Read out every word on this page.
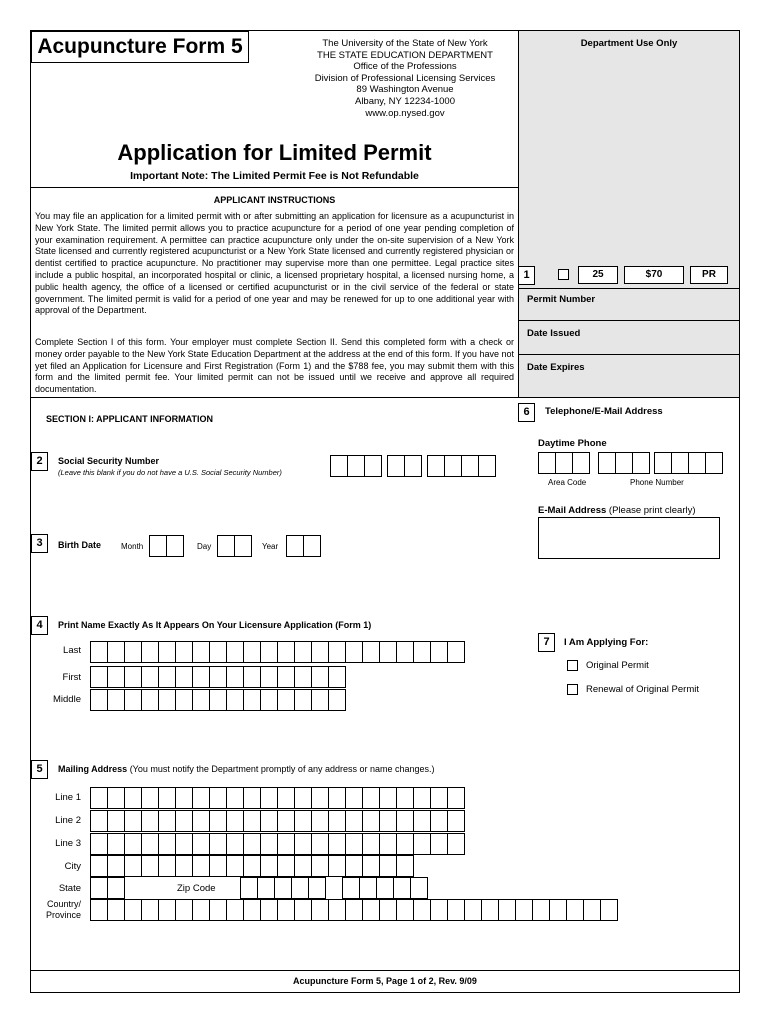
Acupuncture Form 5	The University of the State of New York
THE STATE EDUCATION DEPARTMENT
Office of the Professions
Division of Professional Licensing Services
89 Washington Avenue
Albany, NY 12234-1000
www.op.nysed.gov
Application for Limited Permit
Important Note: The Limited Permit Fee is Not Refundable
APPLICANT INSTRUCTIONS
You may file an application for a limited permit with or after submitting an application for licensure as a acupuncturist in New York State. The limited permit allows you to practice acupuncture for a period of one year pending completion of your examination requirement. A permittee can practice acupuncture only under the on-site supervision of a New York State licensed and currently registered acupuncturist or a New York State licensed and currently registered physician or dentist certified to practice acupuncture. No practitioner may supervise more than one permittee. Legal practice sites include a public hospital, an incorporated hospital or clinic, a licensed proprietary hospital, a licensed nursing home, a public health agency, the office of a licensed or certified acupuncturist or in the civil service of the federal or state government. The limited permit is valid for a period of one year and may be renewed for up to one additional year with approval of the Department.
Complete Section I of this form. Your employer must complete Section II. Send this completed form with a check or money order payable to the New York State Education Department at the address at the end of this form. If you have not yet filed an Application for Licensure and First Registration (Form 1) and the $788 fee, you may submit them with this form and the limited permit fee. Your limited permit can not be issued until we receive and approve all required documentation.
Department Use Only
1	25	$70	PR
Permit Number
Date Issued
Date Expires
SECTION I: APPLICANT INFORMATION
2	Social Security Number
(Leave this blank if you do not have a U.S. Social Security Number)
3	Birth Date Month	Day	Year
4	Print Name Exactly As It Appears On Your Licensure Application (Form 1)
Last
First
Middle
5	Mailing Address (You must notify the Department promptly of any address or name changes.)
Line 1
Line 2
Line 3
City
State	Zip Code
Country/
Province
6	Telephone/E-Mail Address
Daytime Phone
Area Code	Phone Number
E-Mail Address (Please print clearly)
7	I Am Applying For:
Original Permit
Renewal of Original Permit
Acupuncture Form 5, Page 1 of 2, Rev. 9/09
